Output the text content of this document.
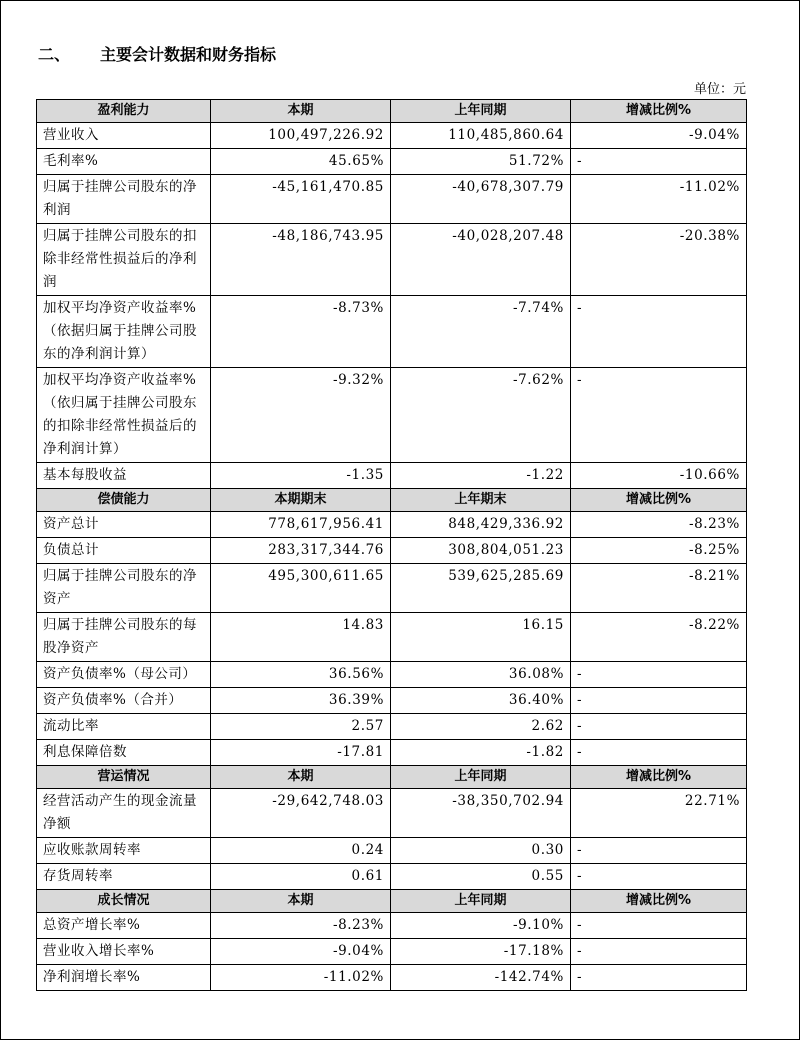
二、 主要会计数据和财务指标
单位：元
盈利能力	本期	上年同期	增减比例%
营业收入	100,497,226.92	110,485,860.64	-9.04%
毛利率%	45.65%	51.72%	-
归属于挂牌公司股东的净利润	-45,161,470.85	-40,678,307.79	-11.02%
归属于挂牌公司股东的扣除非经常性损益后的净利润	-48,186,743.95	-40,028,207.48	-20.38%
加权平均净资产收益率%（依据归属于挂牌公司股东的净利润计算）	-8.73%	-7.74%	-
加权平均净资产收益率%（依归属于挂牌公司股东的扣除非经常性损益后的净利润计算）	-9.32%	-7.62%	-
基本每股收益	-1.35	-1.22	-10.66%
偿债能力	本期期末	上年期末	增减比例%
资产总计	778,617,956.41	848,429,336.92	-8.23%
负债总计	283,317,344.76	308,804,051.23	-8.25%
归属于挂牌公司股东的净资产	495,300,611.65	539,625,285.69	-8.21%
归属于挂牌公司股东的每股净资产	14.83	16.15	-8.22%
资产负债率%（母公司）	36.56%	36.08%	-
资产负债率%（合并）	36.39%	36.40%	-
流动比率	2.57	2.62	-
利息保障倍数	-17.81	-1.82	-
营运情况	本期	上年同期	增减比例%
经营活动产生的现金流量净额	-29,642,748.03	-38,350,702.94	22.71%
应收账款周转率	0.24	0.30	-
存货周转率	0.61	0.55	-
成长情况	本期	上年同期	增减比例%
总资产增长率%	-8.23%	-9.10%	-
营业收入增长率%	-9.04%	-17.18%	-
净利润增长率%	-11.02%	-142.74%	-
